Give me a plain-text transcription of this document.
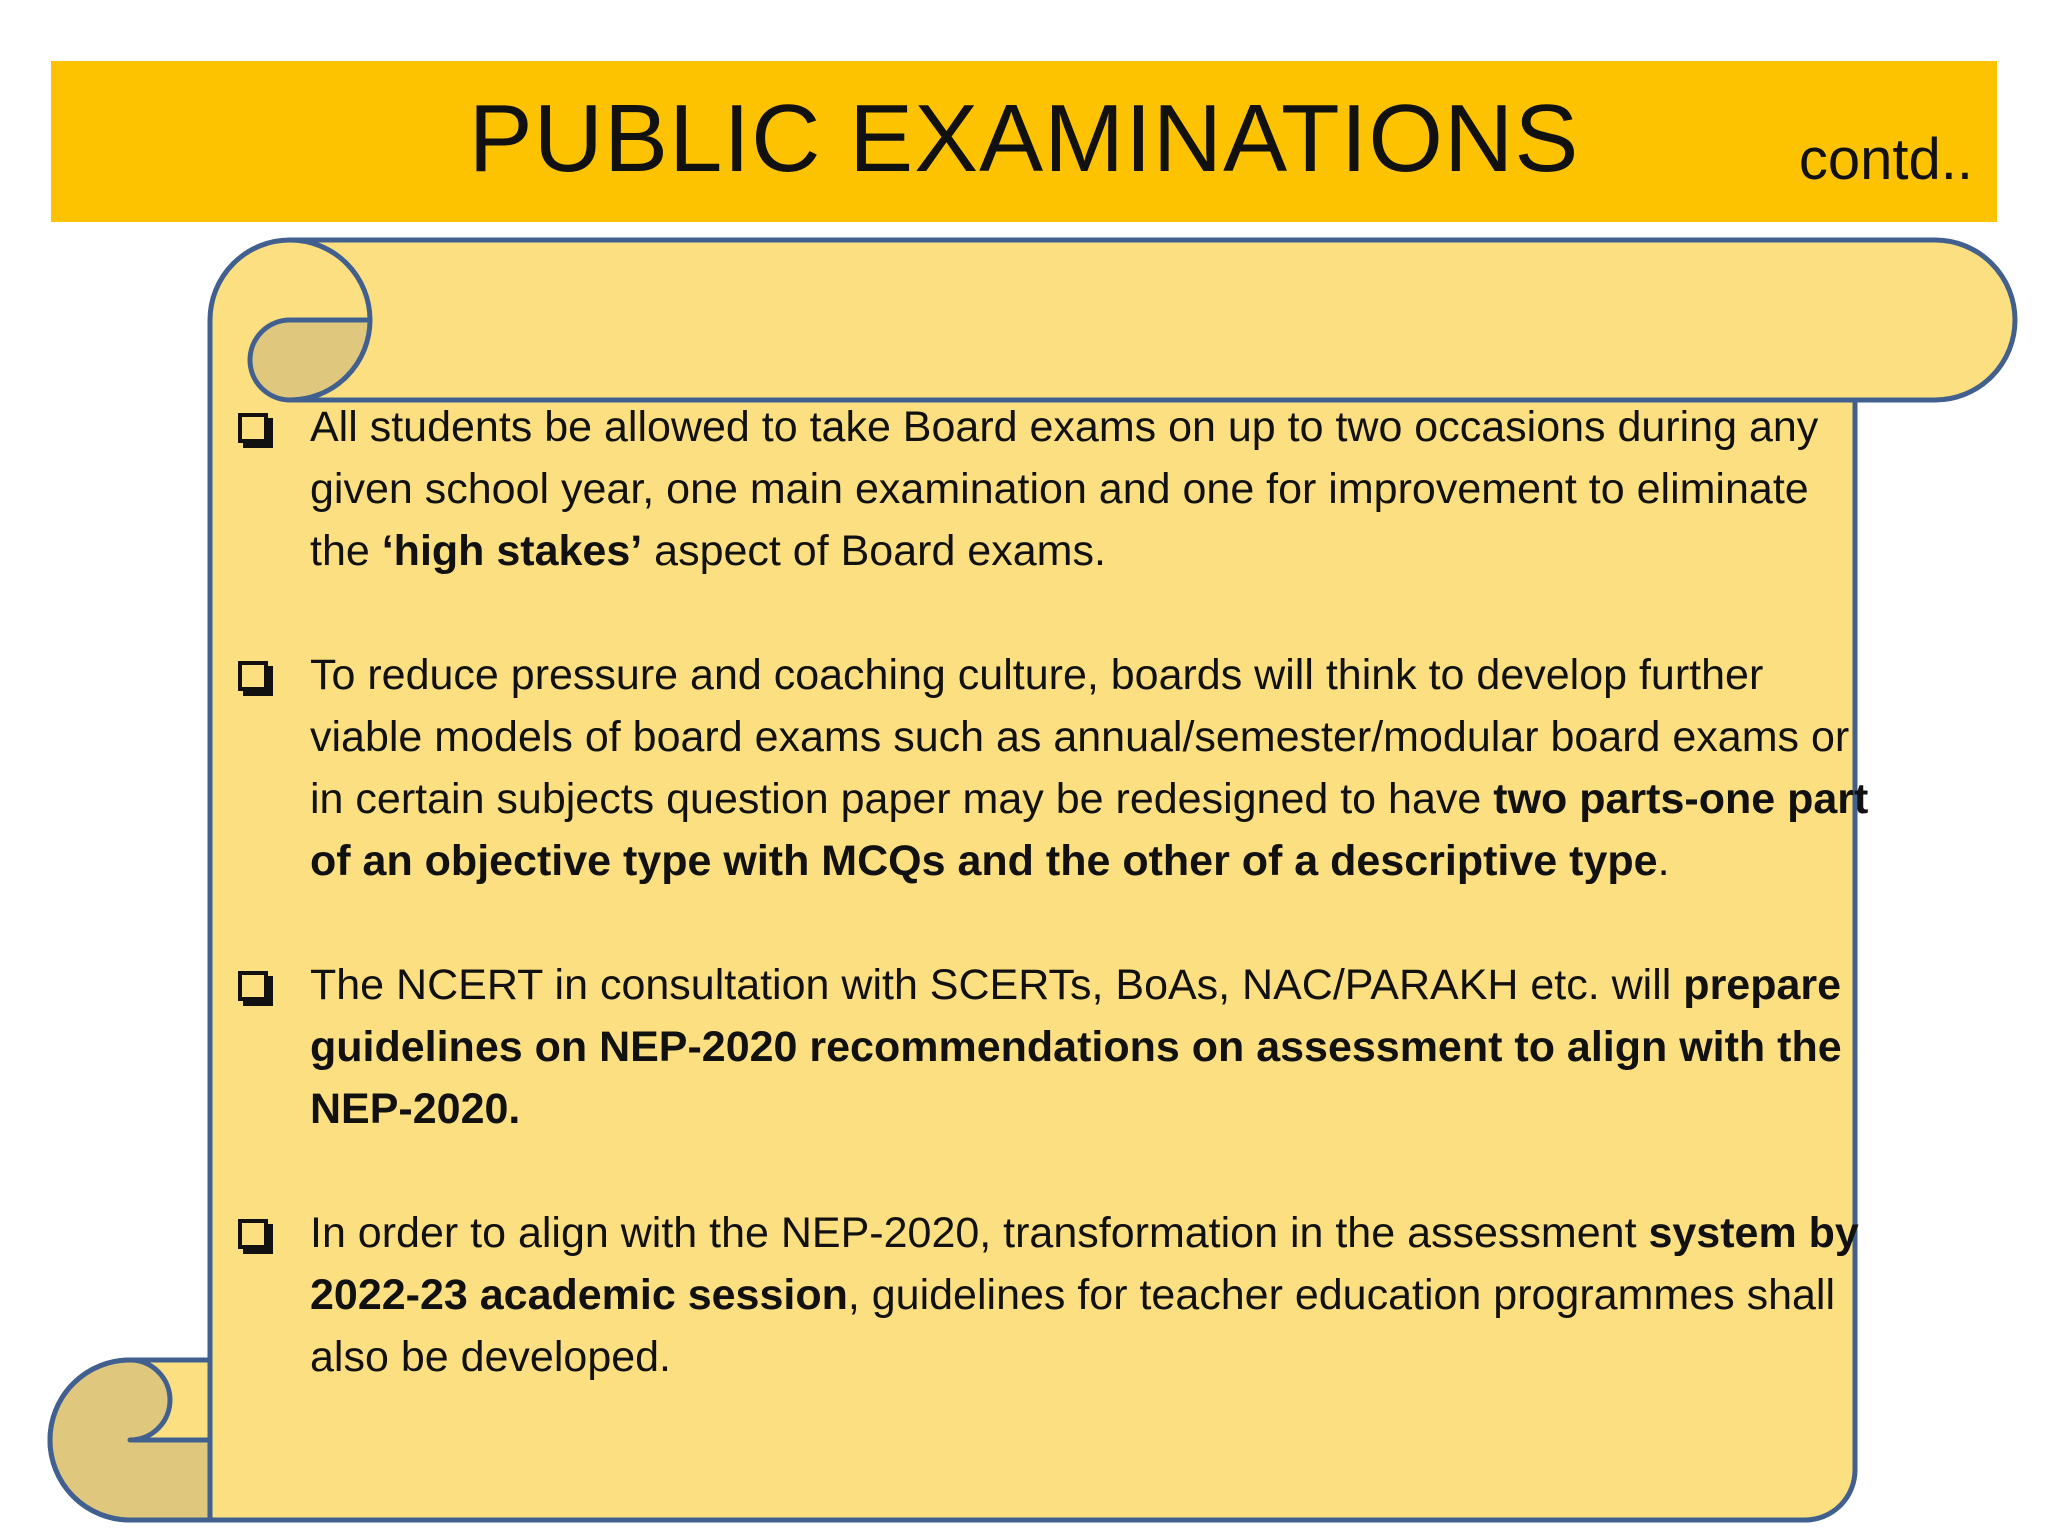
PUBLIC EXAMINATIONS	contd..
All students be allowed to take Board exams on up to two occasions during any given school year, one main examination and one for improvement to eliminate the ‘high stakes’ aspect of Board exams.
To reduce pressure and coaching culture, boards will think to develop further viable models of board exams such as annual/semester/modular board exams or in certain subjects question paper may be redesigned to have two parts-one part of an objective type with MCQs and the other of a descriptive type.
The NCERT in consultation with SCERTs, BoAs, NAC/PARAKH etc. will prepare guidelines on NEP-2020 recommendations on assessment to align with the NEP-2020.
In order to align with the NEP-2020, transformation in the assessment system by 2022-23 academic session, guidelines for teacher education programmes shall also be developed.
